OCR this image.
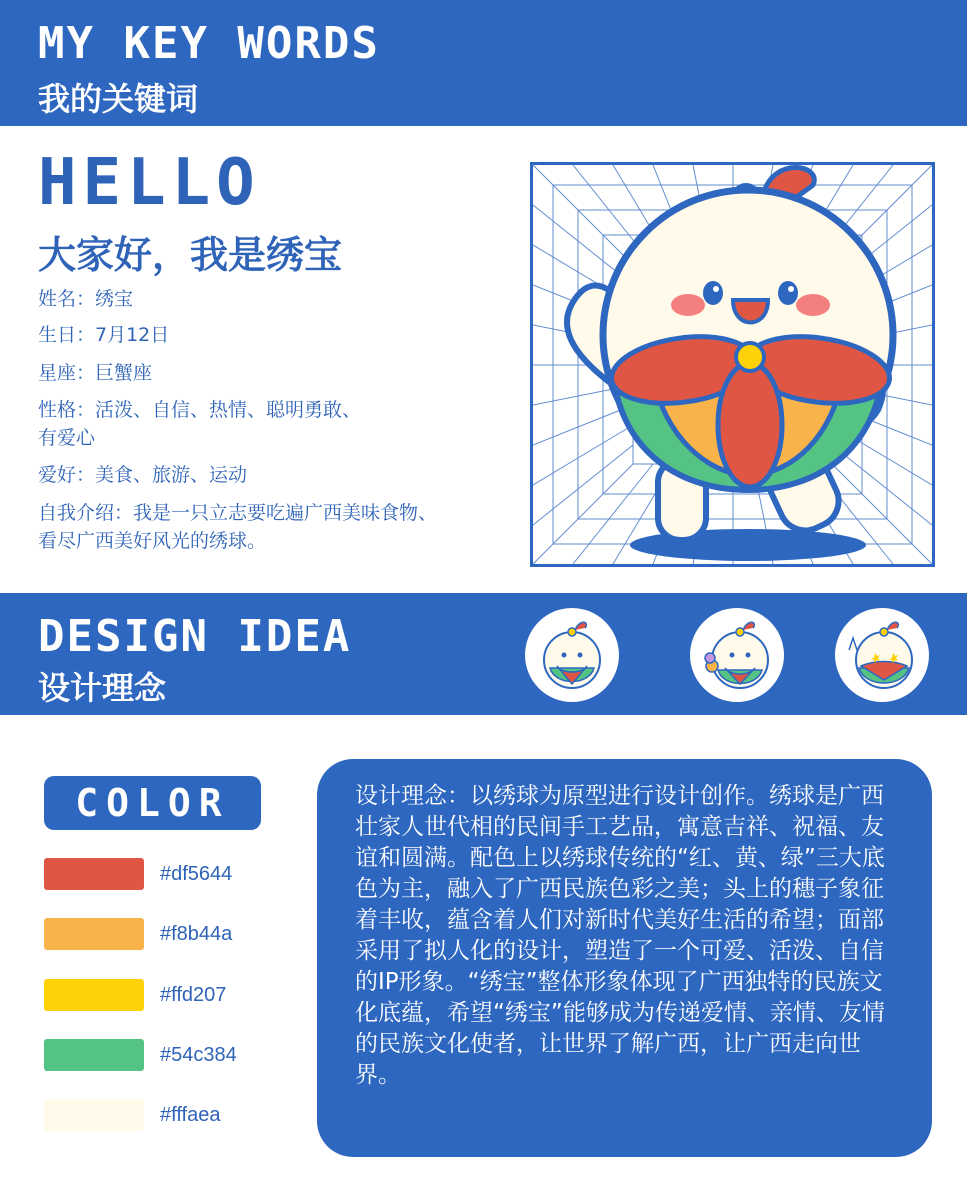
MY KEY WORDS
我的关键词
HELLO
大家好，我是绣宝
姓名：绣宝
生日：7月12日
星座：巨蟹座
性格：活泼、自信、热情、聪明勇敢、有爱心
爱好：美食、旅游、运动
自我介绍：我是一只立志要吃遍广西美味食物、看尽广西美好风光的绣球。
DESIGN IDEA
设计理念
COLOR
#df5644
#f8b44a
#ffd207
#54c384
#fffaea
设计理念：以绣球为原型进行设计创作。绣球是广西壮家人世代相的民间手工艺品，寓意吉祥、祝福、友谊和圆满。配色上以绣球传统的“红、黄、绿”三大底色为主，融入了广西民族色彩之美；头上的穗子象征着丰收，蕴含着人们对新时代美好生活的希望；面部采用了拟人化的设计，塑造了一个可爱、活泼、自信的IP形象。“绣宝”整体形象体现了广西独特的民族文化底蕴，希望“绣宝”能够成为传递爱情、亲情、友情的民族文化使者，让世界了解广西，让广西走向世界。
